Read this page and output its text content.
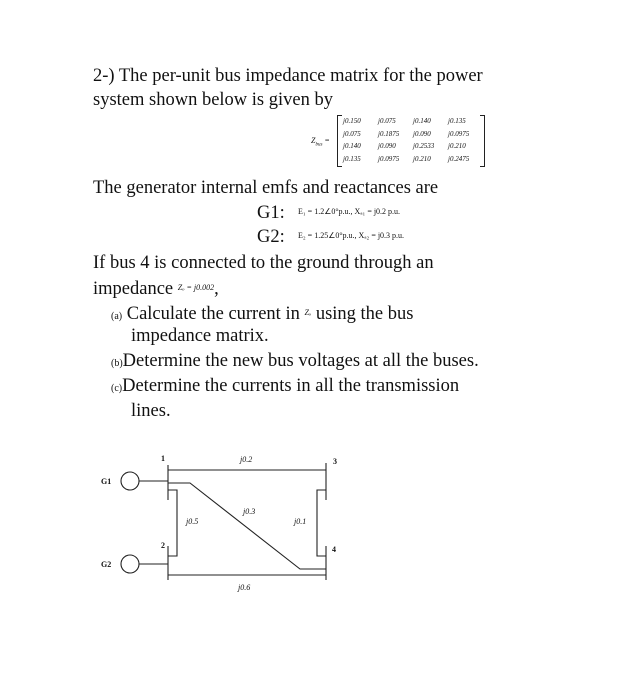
2-) The per-unit bus impedance matrix for the power
system shown below is given by
$Z_{bus}$ =
j0.150	j0.075	j0.140	j0.135
j0.075	j0.1875	j0.090	j0.0975
j0.140	j0.090	j0.2533	j0.210
j0.135	j0.0975	j0.210	j0.2475
The generator internal emfs and reactances are
G1: E₁ = 1.2∠0°p.u., Xₐ₁ = j0.2 p.u.
G2: E₂ = 1.25∠0°p.u., Xₐ₂ = j0.3 p.u.
If bus 4 is connected to the ground through an
impedance $^{Z_o = j0.002}$,
(a) Calculate the current in $^{Z_o}$ using the bus
impedance matrix.
(b)Determine the new bus voltages at all the buses.
(c)Determine the currents in all the transmission
lines.
G1
G2
1
2
3
4
j0.2
j0.3
j0.5	j0.1
j0.6
